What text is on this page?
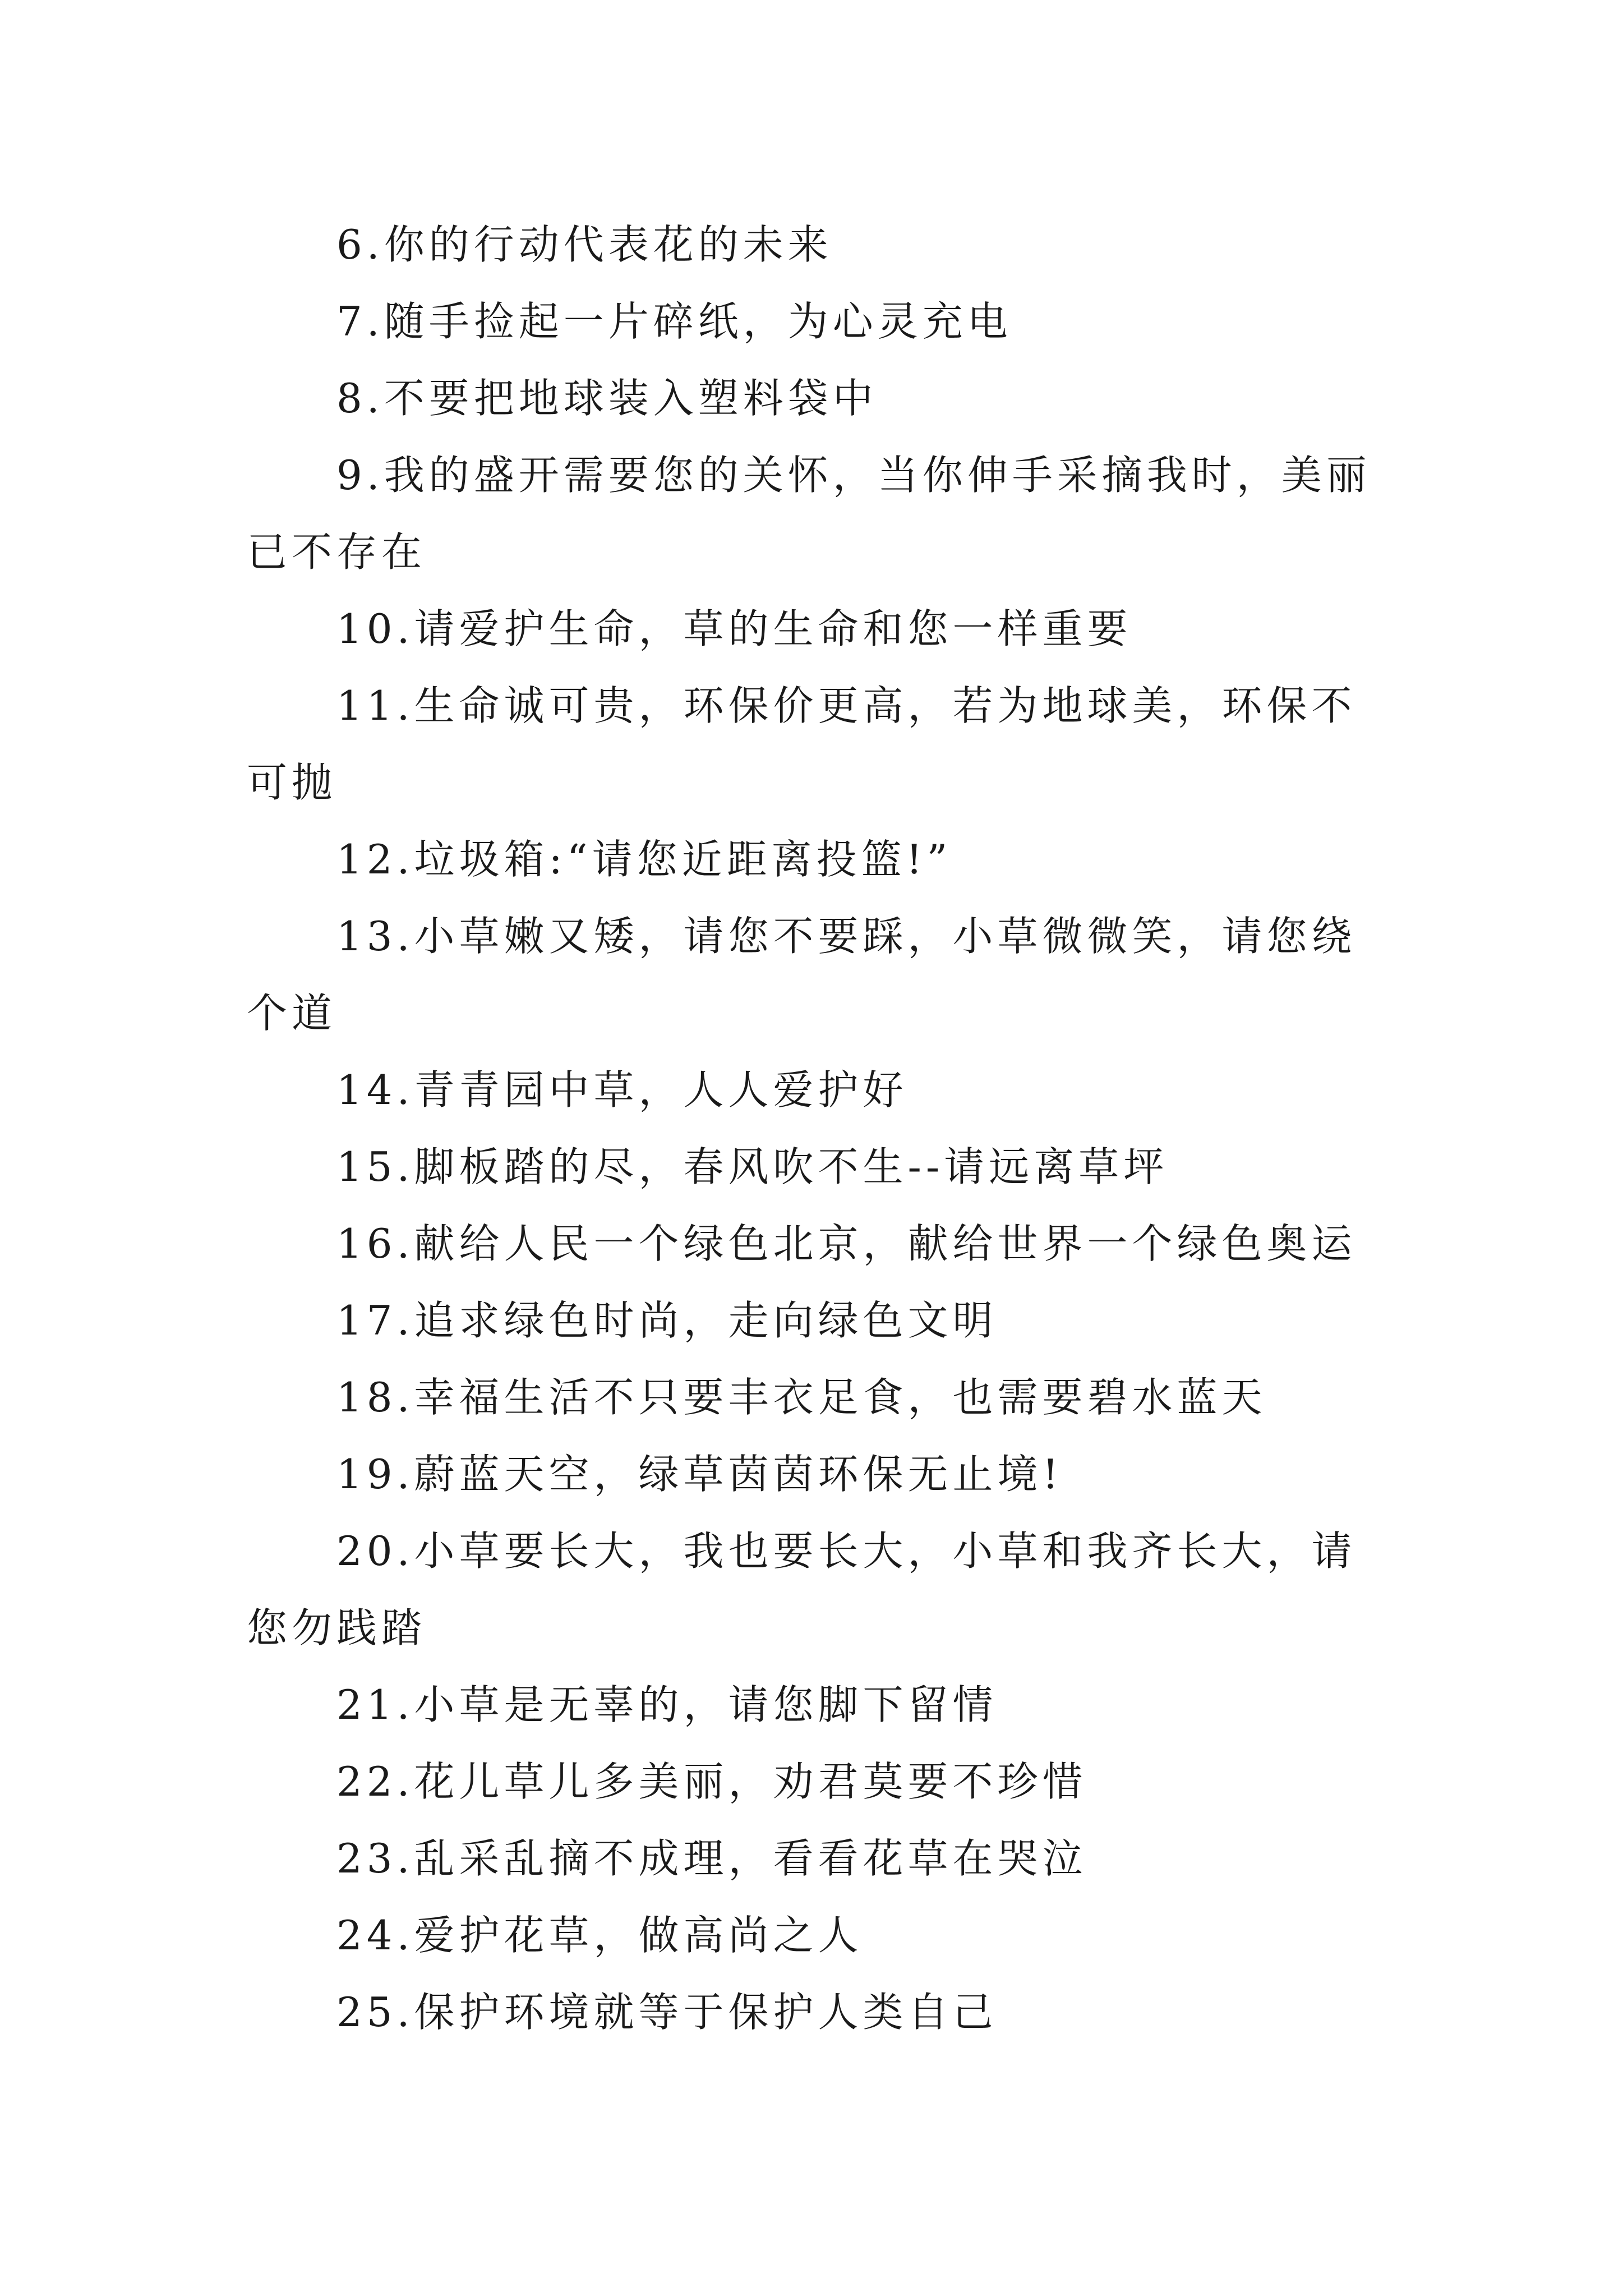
6.你的行动代表花的未来

7.随手捡起一片碎纸，为心灵充电

8.不要把地球装入塑料袋中

9.我的盛开需要您的关怀，当你伸手采摘我时，美丽已不存在

10.请爱护生命，草的生命和您一样重要

11.生命诚可贵，环保价更高，若为地球美，环保不可抛

12.垃圾箱:“请您近距离投篮!”

13.小草嫩又矮，请您不要踩，小草微微笑，请您绕个道

14.青青园中草，人人爱护好

15.脚板踏的尽，春风吹不生--请远离草坪

16.献给人民一个绿色北京，献给世界一个绿色奥运

17.追求绿色时尚，走向绿色文明

18.幸福生活不只要丰衣足食，也需要碧水蓝天

19.蔚蓝天空，绿草茵茵环保无止境!

20.小草要长大，我也要长大，小草和我齐长大，请您勿践踏

21.小草是无辜的，请您脚下留情

22.花儿草儿多美丽，劝君莫要不珍惜

23.乱采乱摘不成理，看看花草在哭泣

24.爱护花草，做高尚之人

25.保护环境就等于保护人类自己
